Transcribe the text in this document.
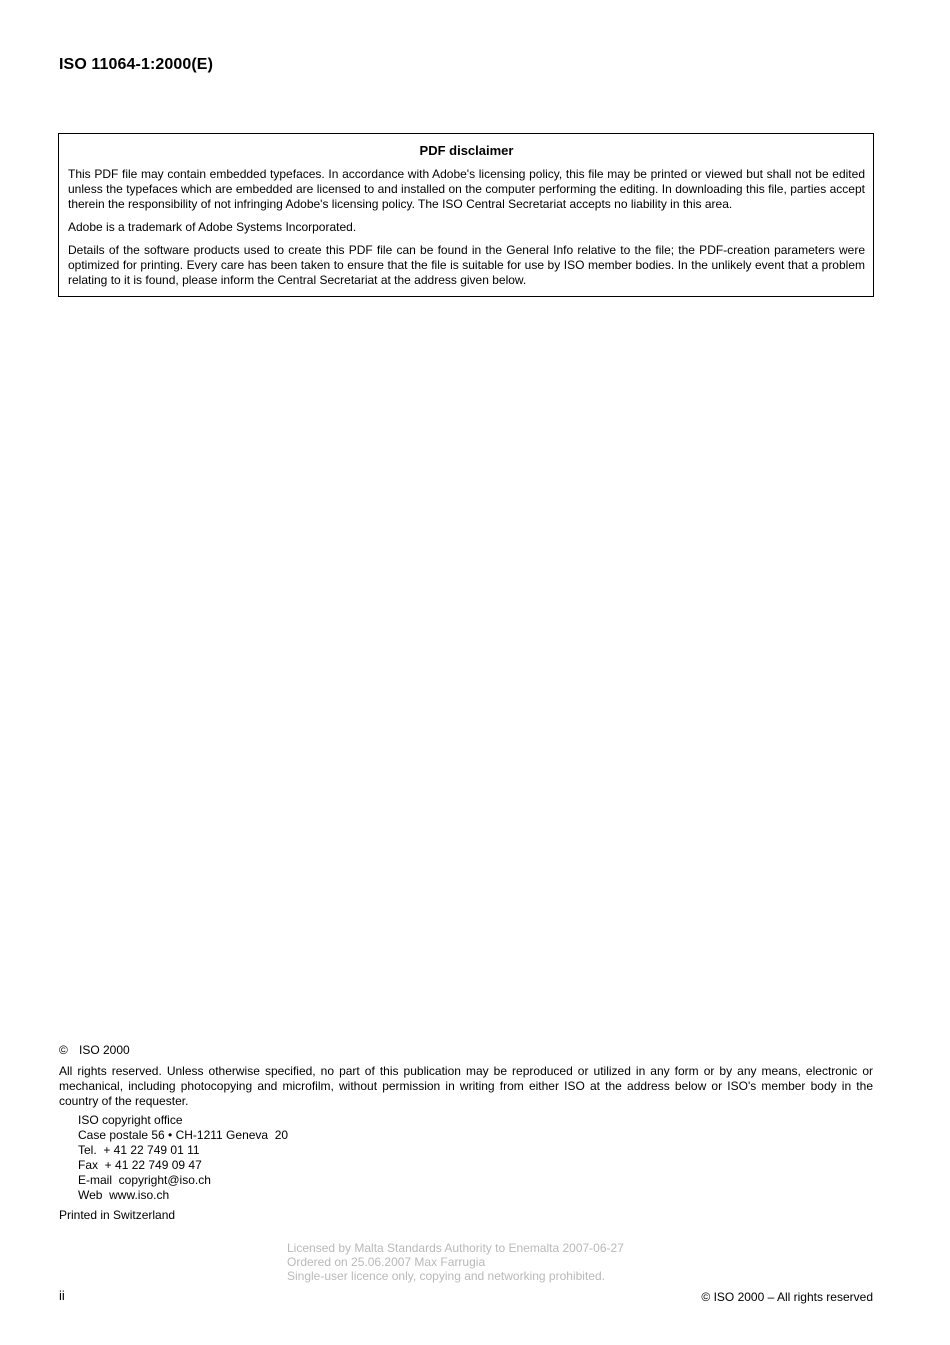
ISO 11064-1:2000(E)
PDF disclaimer

This PDF file may contain embedded typefaces. In accordance with Adobe's licensing policy, this file may be printed or viewed but shall not be edited unless the typefaces which are embedded are licensed to and installed on the computer performing the editing. In downloading this file, parties accept therein the responsibility of not infringing Adobe's licensing policy. The ISO Central Secretariat accepts no liability in this area.

Adobe is a trademark of Adobe Systems Incorporated.

Details of the software products used to create this PDF file can be found in the General Info relative to the file; the PDF-creation parameters were optimized for printing. Every care has been taken to ensure that the file is suitable for use by ISO member bodies. In the unlikely event that a problem relating to it is found, please inform the Central Secretariat at the address given below.

© ISO 2000

All rights reserved. Unless otherwise specified, no part of this publication may be reproduced or utilized in any form or by any means, electronic or mechanical, including photocopying and microfilm, without permission in writing from either ISO at the address below or ISO's member body in the country of the requester.

ISO copyright office
Case postale 56 • CH-1211 Geneva  20
Tel.  + 41 22 749 01 11
Fax  + 41 22 749 09 47
E-mail  copyright@iso.ch
Web  www.iso.ch

Printed in Switzerland

Licensed by Malta Standards Authority to Enemalta 2007-06-27
Ordered on 25.06.2007 Max Farrugia
Single-user licence only, copying and networking prohibited.
ii	© ISO 2000 – All rights reserved
